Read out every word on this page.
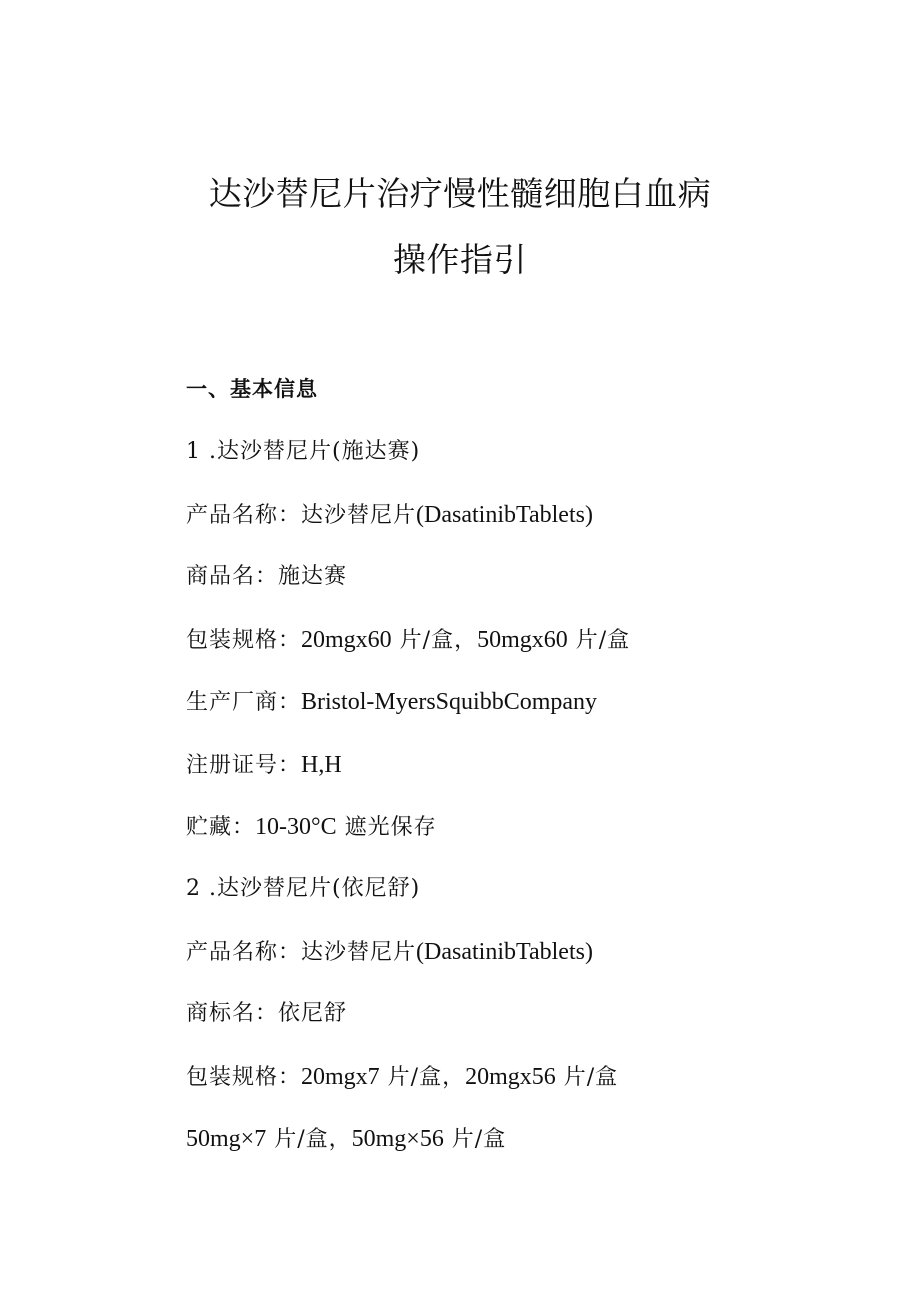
达沙替尼片治疗慢性髓细胞白血病
操作指引
一、基本信息
1 .达沙替尼片(施达赛)
产品名称：达沙替尼片(DasatinibTablets)
商品名：施达赛
包装规格：20mgx60 片/盒，50mgx60 片/盒
生产厂商：Bristol-MyersSquibbCompany
注册证号：H,H
贮藏：10-30°C 遮光保存
2 .达沙替尼片(依尼舒)
产品名称：达沙替尼片(DasatinibTablets)
商标名：依尼舒
包装规格：20mgx7 片/盒，20mgx56 片/盒
50mg×7 片/盒，50mg×56 片/盒
